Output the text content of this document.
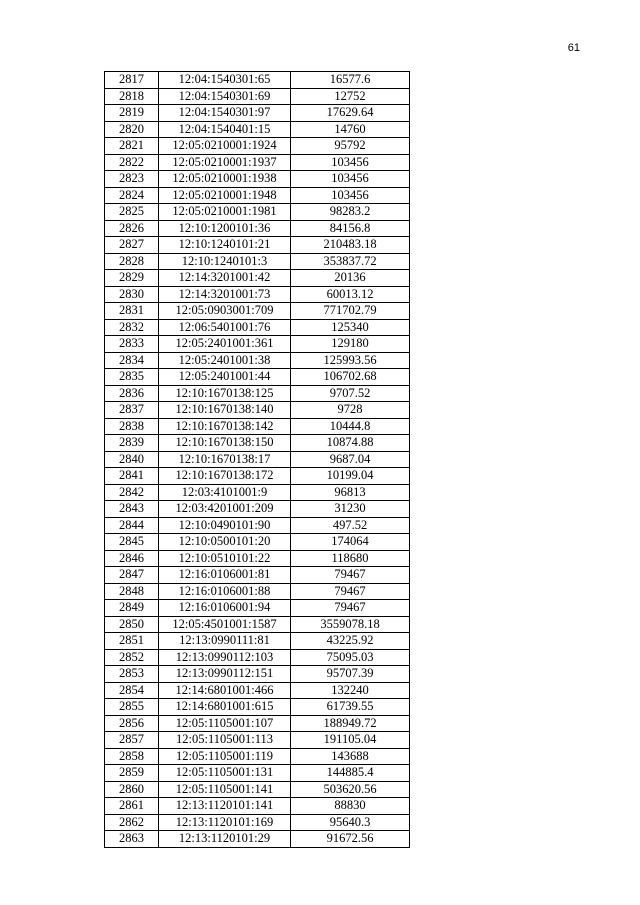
61
2817	12:04:1540301:65	16577.6
2818	12:04:1540301:69	12752
2819	12:04:1540301:97	17629.64
2820	12:04:1540401:15	14760
2821	12:05:0210001:1924	95792
2822	12:05:0210001:1937	103456
2823	12:05:0210001:1938	103456
2824	12:05:0210001:1948	103456
2825	12:05:0210001:1981	98283.2
2826	12:10:1200101:36	84156.8
2827	12:10:1240101:21	210483.18
2828	12:10:1240101:3	353837.72
2829	12:14:3201001:42	20136
2830	12:14:3201001:73	60013.12
2831	12:05:0903001:709	771702.79
2832	12:06:5401001:76	125340
2833	12:05:2401001:361	129180
2834	12:05:2401001:38	125993.56
2835	12:05:2401001:44	106702.68
2836	12:10:1670138:125	9707.52
2837	12:10:1670138:140	9728
2838	12:10:1670138:142	10444.8
2839	12:10:1670138:150	10874.88
2840	12:10:1670138:17	9687.04
2841	12:10:1670138:172	10199.04
2842	12:03:4101001:9	96813
2843	12:03:4201001:209	31230
2844	12:10:0490101:90	497.52
2845	12:10:0500101:20	174064
2846	12:10:0510101:22	118680
2847	12:16:0106001:81	79467
2848	12:16:0106001:88	79467
2849	12:16:0106001:94	79467
2850	12:05:4501001:1587	3559078.18
2851	12:13:0990111:81	43225.92
2852	12:13:0990112:103	75095.03
2853	12:13:0990112:151	95707.39
2854	12:14:6801001:466	132240
2855	12:14:6801001:615	61739.55
2856	12:05:1105001:107	188949.72
2857	12:05:1105001:113	191105.04
2858	12:05:1105001:119	143688
2859	12:05:1105001:131	144885.4
2860	12:05:1105001:141	503620.56
2861	12:13:1120101:141	88830
2862	12:13:1120101:169	95640.3
2863	12:13:1120101:29	91672.56
